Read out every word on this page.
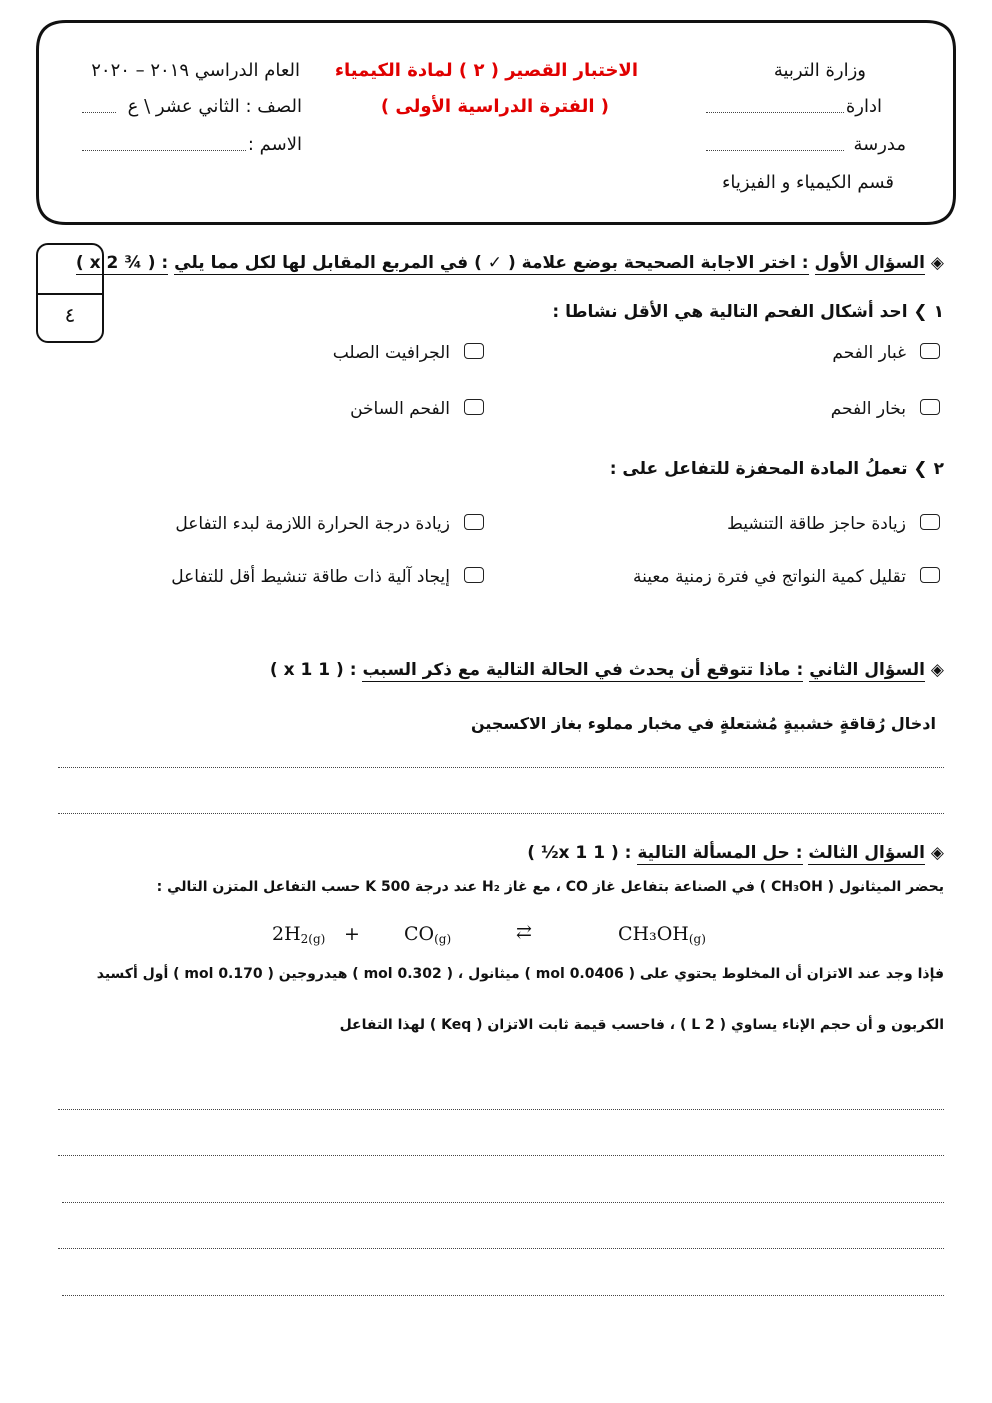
وزارة التربية
ادارة
مدرسة
قسم الكيمياء و الفيزياء
الاختبار القصير ( ٢ ) لمادة الكيمياء
( الفترة الدراسية الأولى )
العام الدراسي ٢٠١٩ – ٢٠٢٠
الصف : الثاني عشر \ ع
الاسم :
٤
◈ السؤال الأول : اختر الاجابة الصحيحة بوضع علامة ( ✓ ) في المربع المقابل لها لكل مما يلي : ( ¾ x 2 )
١ ❯ احد أشكال الفحم التالية هي الأقل نشاطا :
غبار الفحم
الجرافيت الصلب
بخار الفحم
الفحم الساخن
٢ ❯ تعملُ المادة المحفزة للتفاعل على :
زيادة حاجز طاقة التنشيط
زيادة درجة الحرارة اللازمة لبدء التفاعل
تقليل كمية النواتج في فترة زمنية معينة
إيجاد آلية ذات طاقة تنشيط أقل للتفاعل
◈ السؤال الثاني : ماذا تتوقع أن يحدث في الحالة التالية مع ذكر السبب : ( 1 x 1 )
ادخال رُقاقةٍ خشبيةٍ مُشتعلةٍ في مخبار مملوء بغاز الاكسجين
◈ السؤال الثالث : حل المسألة التالية : ( 1 x 1½ )
يحضر الميثانول ( CH₃OH ) في الصناعة بتفاعل غاز CO ، مع غاز H₂ عند درجة 500 K حسب التفاعل المتزن التالي :
$2H_{2(g)} + CO_{(g)}$	⇄	$CH_3OH_{(g)}$
فإذا وجد عند الاتزان أن المخلوط يحتوي على ( 0.0406 mol ) ميثانول ، ( 0.302 mol ) هيدروجين ( 0.170 mol ) أول أكسيد
الكربون و أن حجم الإناء يساوي ( 2 L ) ، فاحسب قيمة ثابت الاتزان ( Keq ) لهذا التفاعل
